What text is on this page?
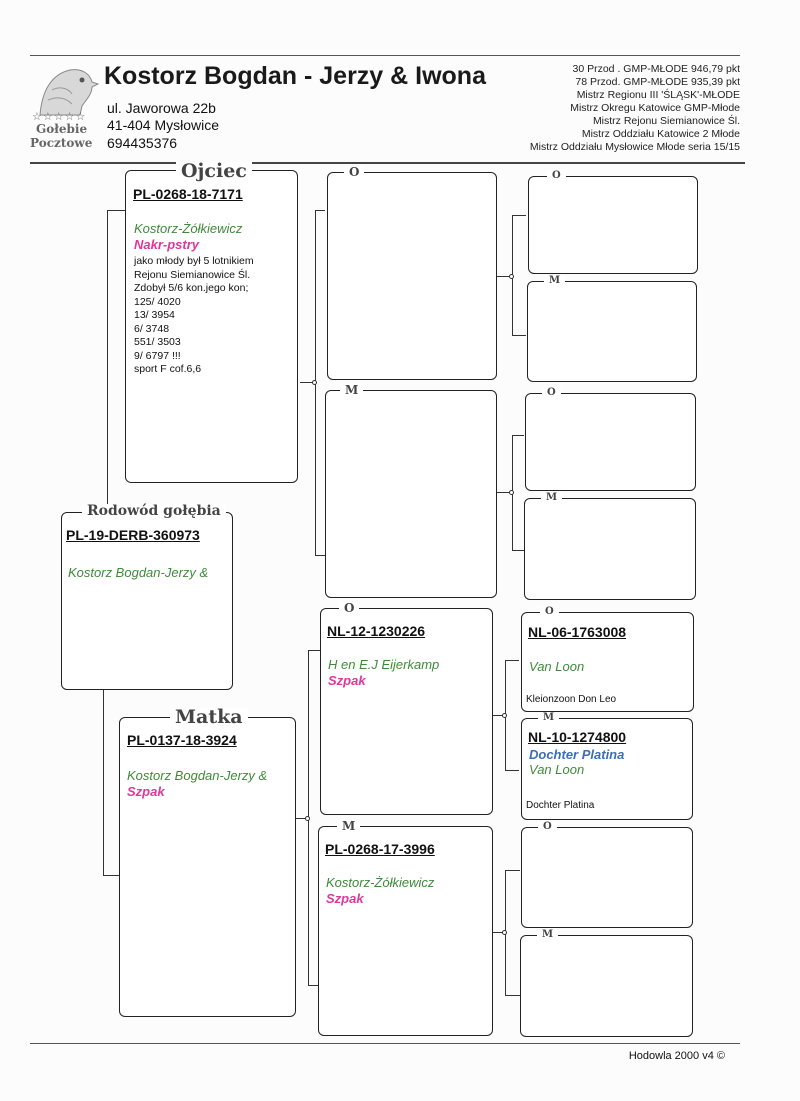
☆☆☆☆☆
Gołebie
Pocztowe
Kostorz Bogdan - Jerzy & Iwona
ul. Jaworowa 22b
41-404 Mysłowice
694435376
30 Przod . GMP-MŁODE 946,79 pkt
78 Przod. GMP-MŁODE 935,39 pkt
Mistrz Regionu III 'ŚLĄSK'-MŁODE
Mistrz Okregu Katowice GMP-Młode
Mistrz Rejonu Siemianowice Śl.
Mistrz Oddziału Katowice 2 Młode
Mistrz Oddziału Mysłowice Młode seria 15/15
Rodowód gołębia
PL-19-DERB-360973
Kostorz Bogdan-Jerzy &
Ojciec
PL-0268-18-7171
Kostorz-Żółkiewicz
Nakr-pstry
jako młody był 5 lotnikiem
Rejonu Siemianowice Śl.
Zdobył 5/6 kon.jego kon;
125/ 4020
13/ 3954
6/ 3748
551/ 3503
9/ 6797 !!!
sport F cof.6,6
Matka
PL-0137-18-3924
Kostorz Bogdan-Jerzy &
Szpak
O
M
O
NL-12-1230226
H en E.J Eijerkamp
Szpak
M
PL-0268-17-3996
Kostorz-Żółkiewicz
Szpak
O
M
O
M
O
NL-06-1763008
Van Loon
Kleionzoon Don Leo
M
NL-10-1274800
Dochter Platina
Van Loon
Dochter Platina
O
M
Hodowla 2000 v4 ©
